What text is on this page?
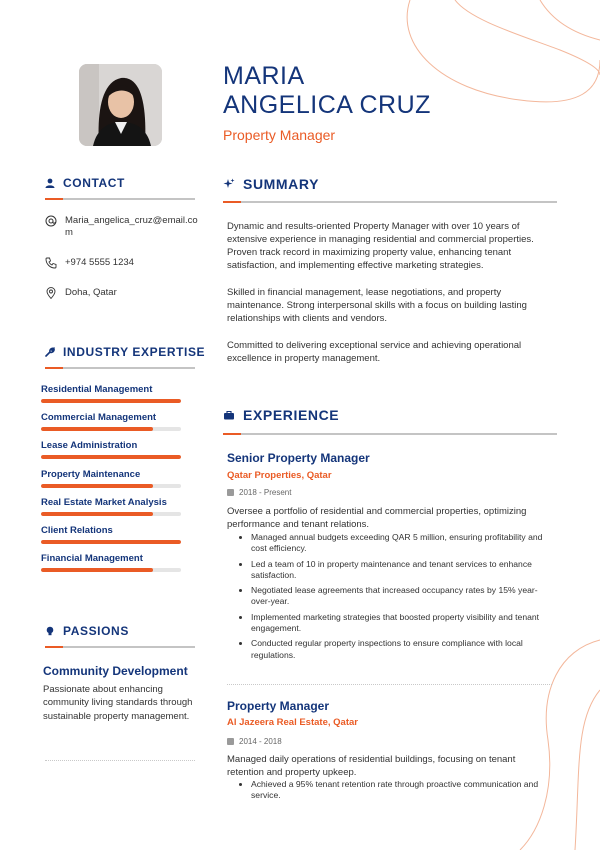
MARIA
ANGELICA CRUZ
Property Manager
CONTACT
Maria_angelica_cruz@email.com
+974 5555 1234
Doha, Qatar
INDUSTRY EXPERTISE
Residential Management
Commercial Management
Lease Administration
Property Maintenance
Real Estate Market Analysis
Client Relations
Financial Management
PASSIONS
Community Development
Passionate about enhancing community living standards through sustainable property management.
SUMMARY
Dynamic and results-oriented Property Manager with over 10 years of extensive experience in managing residential and commercial properties. Proven track record in maximizing property value, enhancing tenant satisfaction, and implementing effective marketing strategies.
Skilled in financial management, lease negotiations, and property maintenance. Strong interpersonal skills with a focus on building lasting relationships with clients and vendors.
Committed to delivering exceptional service and achieving operational excellence in property management.
EXPERIENCE
Senior Property Manager
Qatar Properties, Qatar
2018 - Present
Oversee a portfolio of residential and commercial properties, optimizing performance and tenant relations.
Managed annual budgets exceeding QAR 5 million, ensuring profitability and cost efficiency.
Led a team of 10 in property maintenance and tenant services to enhance satisfaction.
Negotiated lease agreements that increased occupancy rates by 15% year-over-year.
Implemented marketing strategies that boosted property visibility and tenant engagement.
Conducted regular property inspections to ensure compliance with local regulations.
Property Manager
Al Jazeera Real Estate, Qatar
2014 - 2018
Managed daily operations of residential buildings, focusing on tenant retention and property upkeep.
Achieved a 95% tenant retention rate through proactive communication and service.
